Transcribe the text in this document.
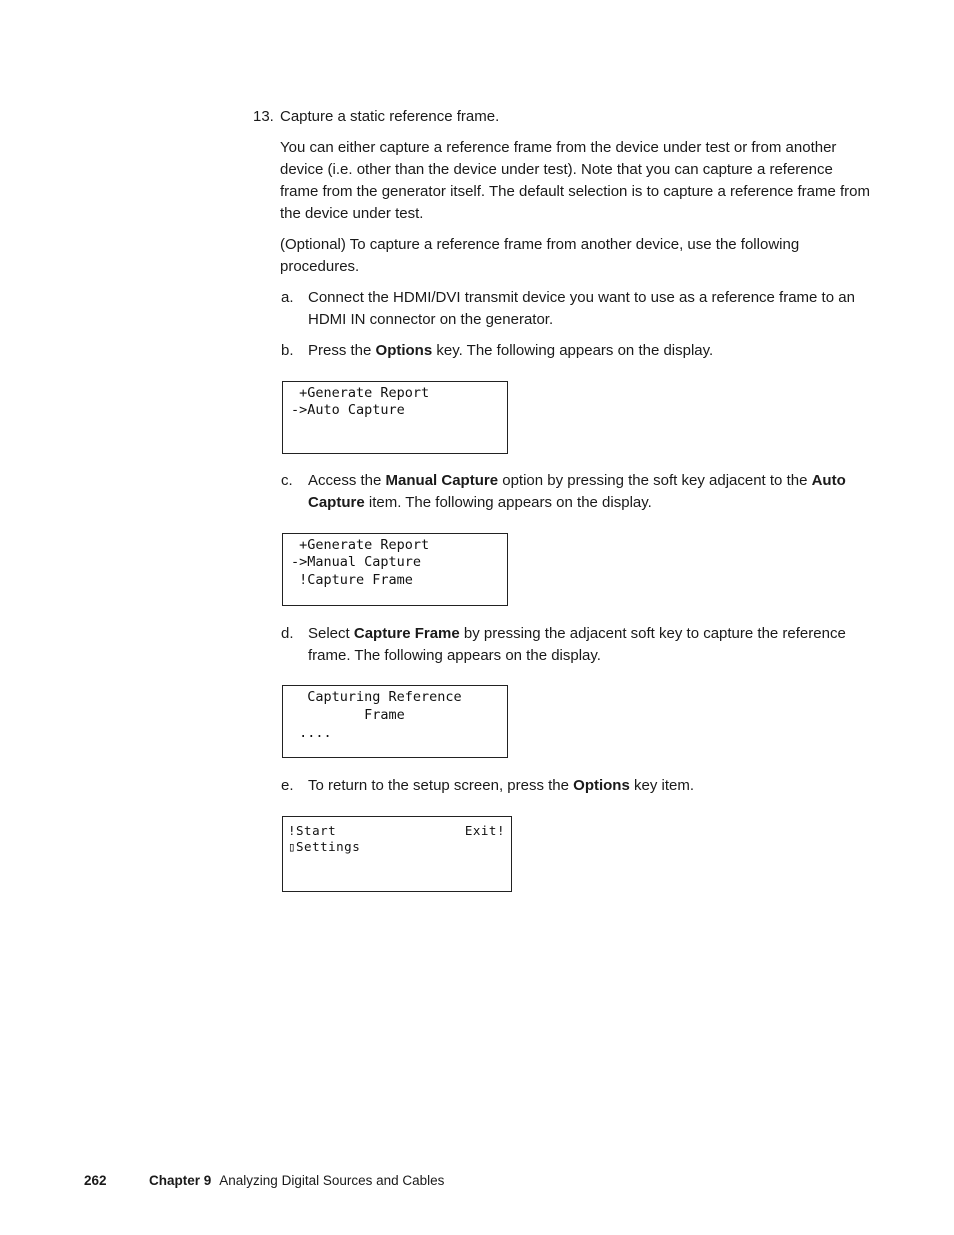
13. Capture a static reference frame.
You can either capture a reference frame from the device under test or from another device (i.e. other than the device under test). Note that you can capture a reference frame from the generator itself. The default selection is to capture a reference frame from the device under test.
(Optional) To capture a reference frame from another device, use the following procedures.
a. Connect the HDMI/DVI transmit device you want to use as a reference frame to an HDMI IN connector on the generator.
b. Press the Options key. The following appears on the display.
+Generate Report
->Auto Capture
c. Access the Manual Capture option by pressing the soft key adjacent to the Auto Capture item. The following appears on the display.
+Generate Report
->Manual Capture
!Capture Frame
d. Select Capture Frame by pressing the adjacent soft key to capture the reference frame. The following appears on the display.
Capturing Reference
Frame
....
e. To return to the setup screen, press the Options key item.
!Start	Exit!
▯Settings
262	Chapter 9 Analyzing Digital Sources and Cables
